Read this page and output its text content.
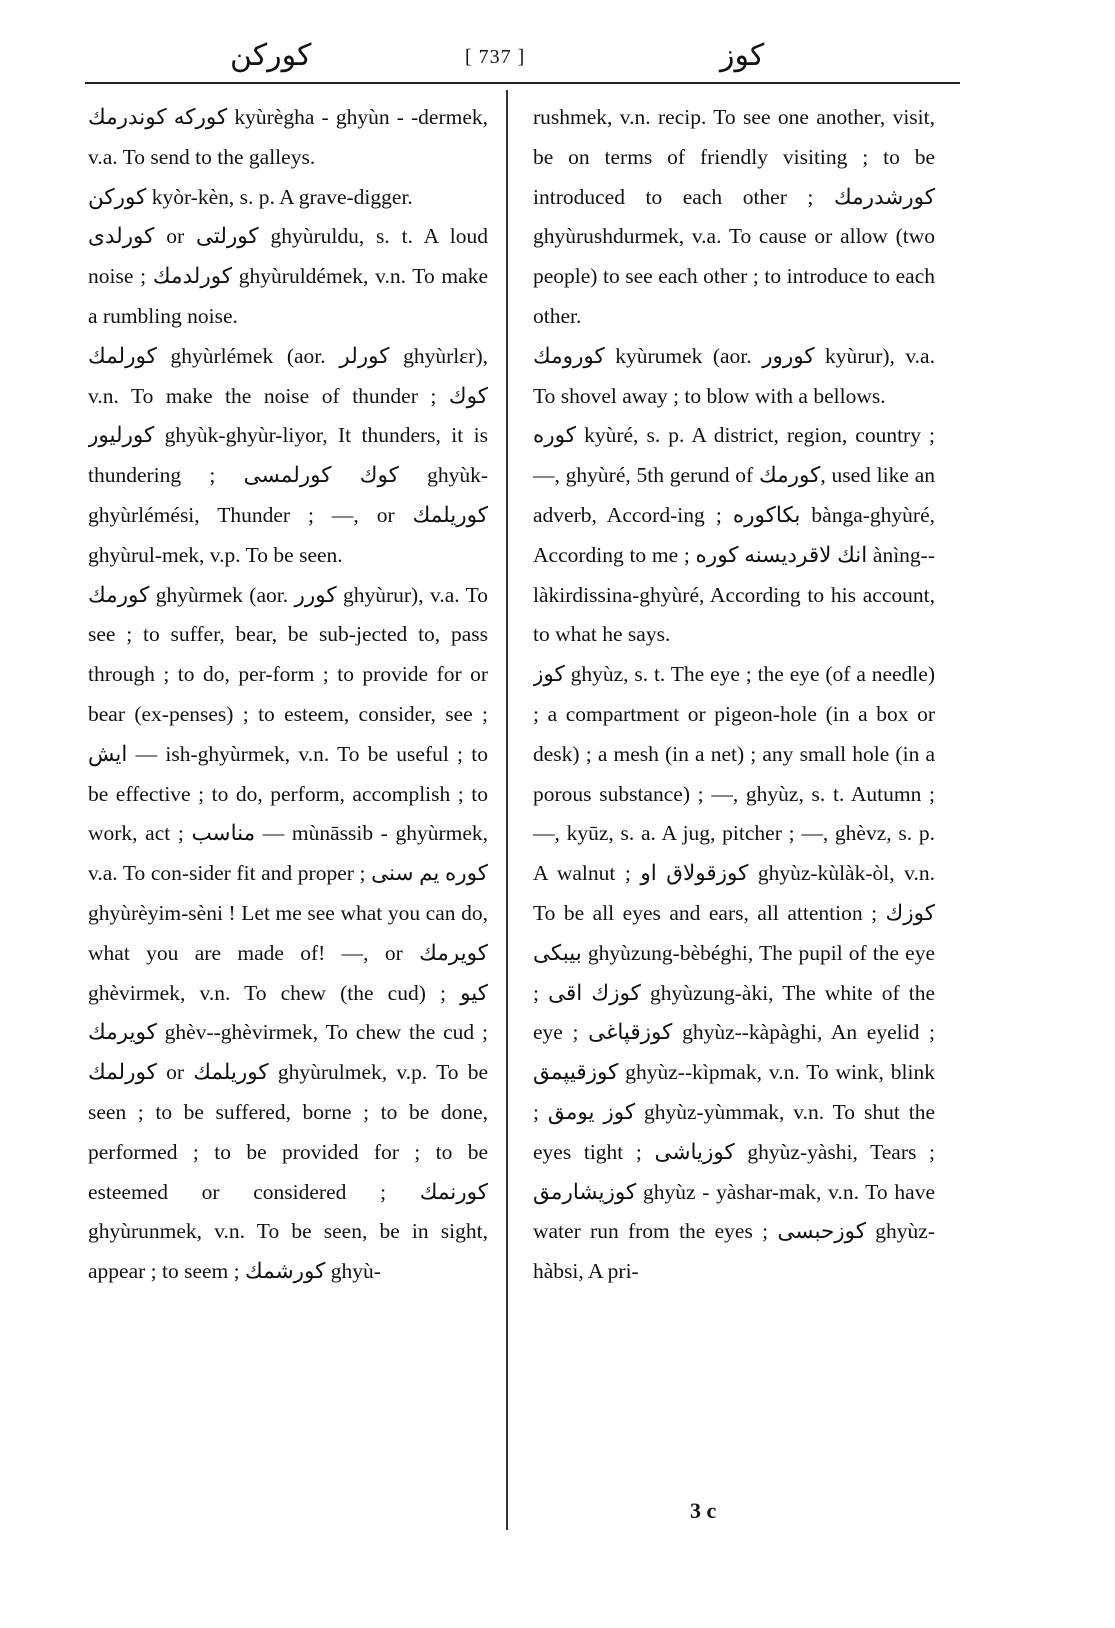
كورکن	[ 737 ]	كوز

كوركه كوندرمك kyùrègha - ghyùn - -dermek, v.a. To send to the galleys.

كوركن kyòr-kèn, s. p. A grave-digger.

كورلدى or كورلتى ghyùruldu, s. t. A loud noise ; كورلدمك ghyùruldémek, v.n. To make a rumbling noise.

كورلمك ghyùrlémek (aor. كورلر ghyùrlɛr), v.n. To make the noise of thunder ; كوك كورليور ghyùk-ghyùr-liyor, It thunders, it is thundering ; كوك كورلمسى ghyùk-ghyùrlémési, Thunder ; —, or كوريلمك ghyùrul-mek, v.p. To be seen.

كورمك ghyùrmek (aor. كورر ghyùrur), v.a. To see ; to suffer, bear, be sub-jected to, pass through ; to do, per-form ; to provide for or bear (ex-penses) ; to esteem, consider, see ; ايش — ish-ghyùrmek, v.n. To be useful ; to be effective ; to do, perform, accomplish ; to work, act ; مناسب — mùnāssib - ghyùrmek, v.a. To con-sider fit and proper ; كوره يم سنى ghyùrèyim-sèni ! Let me see what you can do, what you are made of! —, or كويرمك ghèvirmek, v.n. To chew (the cud) ; كيو كويرمك ghèv--ghèvirmek, To chew the cud ; كورلمك or كوريلمك ghyùrulmek, v.p. To be seen ; to be suffered, borne ; to be done, performed ; to be provided for ; to be esteemed or considered ; كورنمك ghyùrunmek, v.n. To be seen, be in sight, appear ; to seem ; كورشمك ghyù-

rushmek, v.n. recip. To see one another, visit, be on terms of friendly visiting ; to be introduced to each other ; كورشدرمك ghyùrushdurmek, v.a. To cause or allow (two people) to see each other ; to introduce to each other.

كورومك kyùrumek (aor. كورور kyùrur), v.a. To shovel away ; to blow with a bellows.

كوره kyùré, s. p. A district, region, country ; —, ghyùré, 5th gerund of كورمك, used like an adverb, Accord-ing ; بكاكوره bànga-ghyùré, According to me ; انك لاقرديسنه كوره ànìng--làkirdissina-ghyùré, According to his account, to what he says.

كوز ghyùz, s. t. The eye ; the eye (of a needle) ; a compartment or pigeon-hole (in a box or desk) ; a mesh (in a net) ; any small hole (in a porous substance) ; —, ghyùz, s. t. Autumn ; —, kyūz, s. a. A jug, pitcher ; —, ghèvz, s. p. A walnut ; كوزقولاق او ghyùz-kùlàk-òl, v.n. To be all eyes and ears, all attention ; كوزك بيبكى ghyùzung-bèbéghi, The pupil of the eye ; كوزك اقى ghyùzung-àki, The white of the eye ; كوزقپاغى ghyùz--kàpàghi, An eyelid ; كوزقيپمق ghyùz--kìpmak, v.n. To wink, blink ; كوز يومق ghyùz-yùmmak, v.n. To shut the eyes tight ; كوزياشى ghyùz-yàshi, Tears ; كوزيشارمق ghyùz - yàshar-mak, v.n. To have water run from the eyes ; كوزحبسى ghyùz-hàbsi, A pri-

3 c
